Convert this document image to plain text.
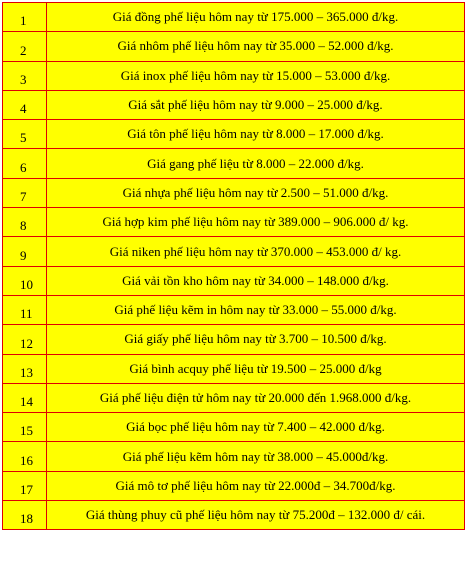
1	Giá đồng phế liệu hôm nay từ 175.000 – 365.000 đ/kg.
2	Giá nhôm phế liệu hôm nay từ 35.000 – 52.000 đ/kg.
3	Giá inox phế liệu hôm nay từ 15.000 – 53.000 đ/kg.
4	Giá sắt phế liệu hôm nay từ 9.000 – 25.000 đ/kg.
5	Giá tôn phế liệu hôm nay từ 8.000 – 17.000 đ/kg.
6	Giá gang phế liệu từ 8.000 – 22.000 đ/kg.
7	Giá nhựa phế liệu hôm nay từ 2.500 – 51.000 đ/kg.
8	Giá hợp kim phế liệu hôm nay từ 389.000 – 906.000 đ/ kg.
9	Giá niken phế liệu hôm nay từ 370.000 – 453.000 đ/ kg.
10	Giá vải tồn kho hôm nay từ 34.000 – 148.000 đ/kg.
11	Giá phế liệu kẽm in hôm nay từ 33.000 – 55.000 đ/kg.
12	Giá giấy phế liệu hôm nay từ 3.700 – 10.500 đ/kg.
13	Giá bình acquy phế liệu từ 19.500 – 25.000 đ/kg
14	Giá phế liệu điện tử hôm nay từ 20.000 đến 1.968.000 đ/kg.
15	Giá bọc phế liệu hôm nay từ 7.400 – 42.000 đ/kg.
16	Giá phế liệu kẽm hôm nay từ 38.000 – 45.000đ/kg.
17	Giá mô tơ phế liệu hôm nay từ 22.000đ – 34.700đ/kg.
18	Giá thùng phuy cũ phế liệu hôm nay từ 75.200đ – 132.000 đ/ cái.
